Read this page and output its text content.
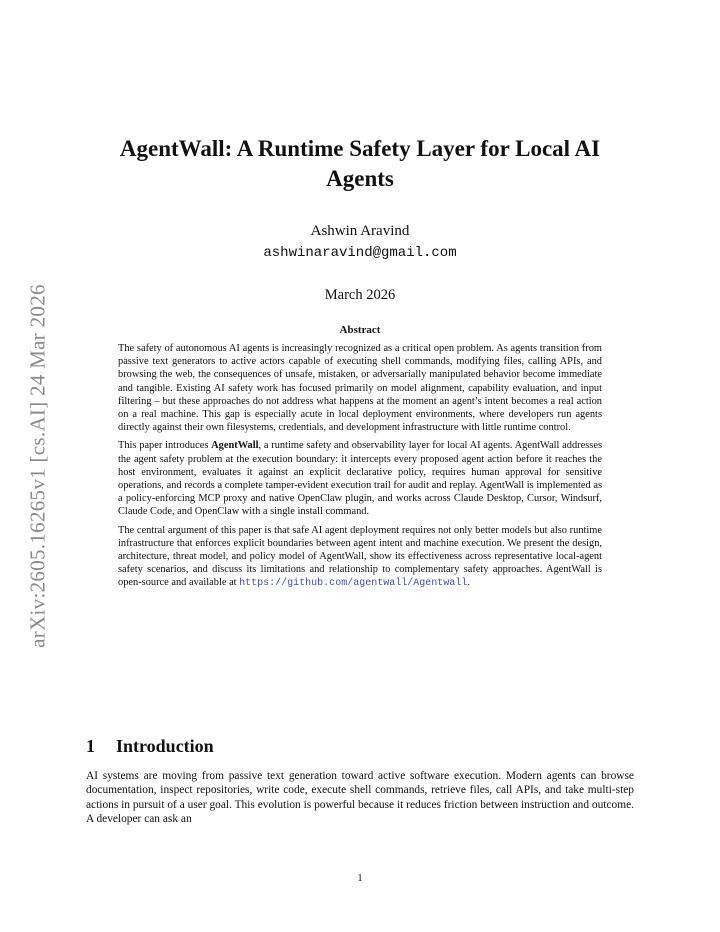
arXiv:2605.16265v1 [cs.AI] 24 Mar 2026
AgentWall: A Runtime Safety Layer for Local AI Agents
Ashwin Aravind
ashwinaravind@gmail.com
March 2026
Abstract

The safety of autonomous AI agents is increasingly recognized as a critical open problem. As agents transition from passive text generators to active actors capable of executing shell commands, modifying files, calling APIs, and browsing the web, the consequences of unsafe, mistaken, or adversarially manipulated behavior become immediate and tangible. Existing AI safety work has focused primarily on model alignment, capability evaluation, and input filtering – but these approaches do not address what happens at the moment an agent’s intent becomes a real action on a real machine. This gap is especially acute in local deployment environments, where developers run agents directly against their own filesystems, credentials, and development infrastructure with little runtime control.

This paper introduces AgentWall, a runtime safety and observability layer for local AI agents. AgentWall addresses the agent safety problem at the execution boundary: it intercepts every proposed agent action before it reaches the host environment, evaluates it against an explicit declarative policy, requires human approval for sensitive operations, and records a complete tamper-evident execution trail for audit and replay. AgentWall is implemented as a policy-enforcing MCP proxy and native OpenClaw plugin, and works across Claude Desktop, Cursor, Windsurf, Claude Code, and OpenClaw with a single install command.

The central argument of this paper is that safe AI agent deployment requires not only better models but also runtime infrastructure that enforces explicit boundaries between agent intent and machine execution. We present the design, architecture, threat model, and policy model of AgentWall, show its effectiveness across representative local-agent safety scenarios, and discuss its limitations and relationship to complementary safety approaches. AgentWall is open-source and available at https://github.com/agentwall/Agentwall.

1 Introduction

AI systems are moving from passive text generation toward active software execution. Modern agents can browse documentation, inspect repositories, write code, execute shell commands, retrieve files, call APIs, and take multi-step actions in pursuit of a user goal. This evolution is powerful because it reduces friction between instruction and outcome. A developer can ask an

1
